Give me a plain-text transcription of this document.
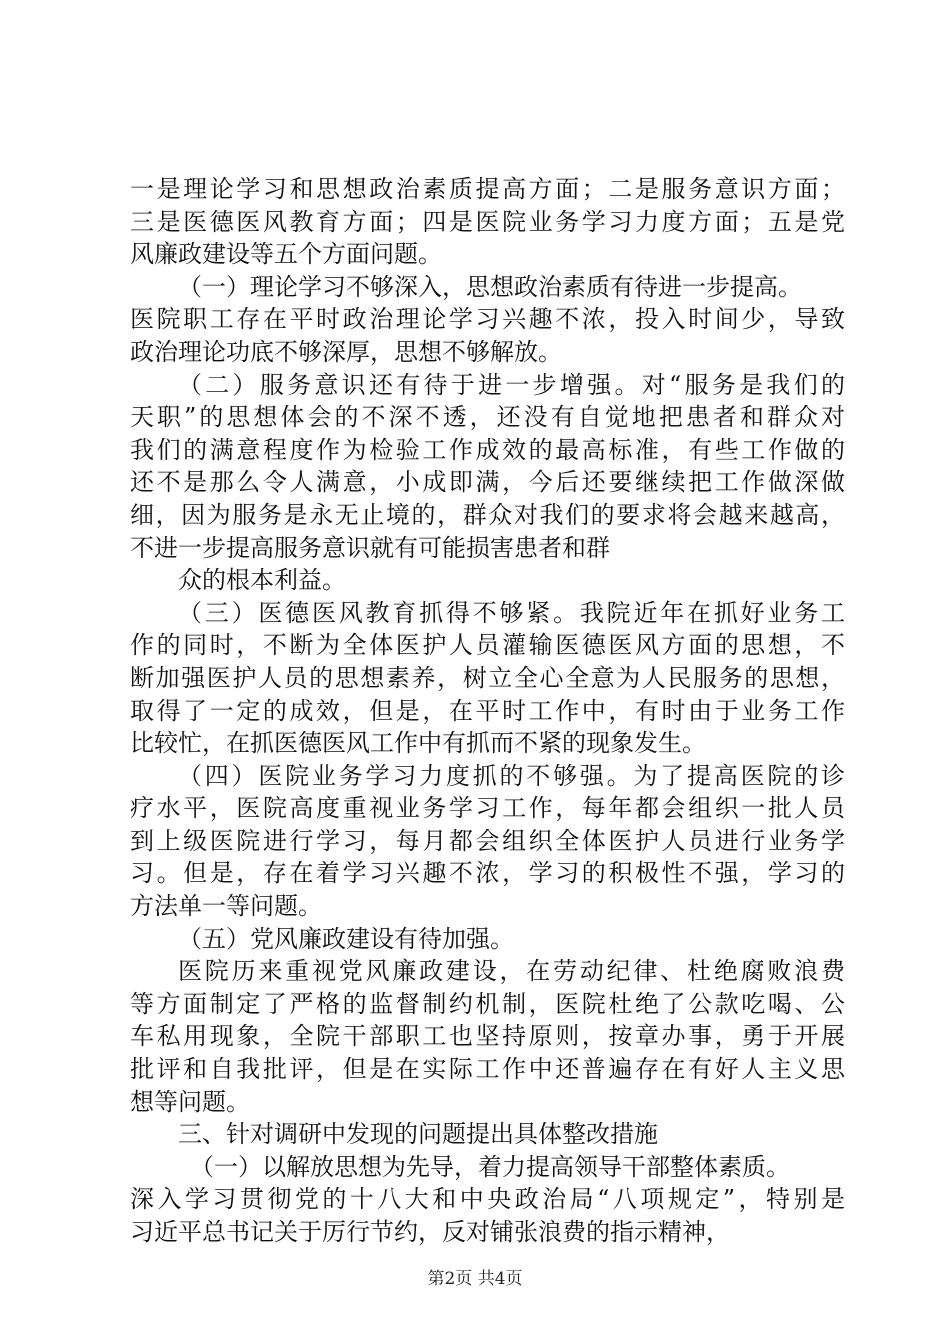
一是理论学习和思想政治素质提高方面；二是服务意识方面；
三是医德医风教育方面；四是医院业务学习力度方面；五是党
风廉政建设等五个方面问题。
（一）理论学习不够深入，思想政治素质有待进一步提高。
医院职工存在平时政治理论学习兴趣不浓，投入时间少，导致
政治理论功底不够深厚，思想不够解放。
（二）服务意识还有待于进一步增强。对“服务是我们的
天职”的思想体会的不深不透，还没有自觉地把患者和群众对
我们的满意程度作为检验工作成效的最高标准，有些工作做的
还不是那么令人满意，小成即满，今后还要继续把工作做深做
细，因为服务是永无止境的，群众对我们的要求将会越来越高，
不进一步提高服务意识就有可能损害患者和群
众的根本利益。
（三）医德医风教育抓得不够紧。我院近年在抓好业务工
作的同时，不断为全体医护人员灌输医德医风方面的思想，不
断加强医护人员的思想素养，树立全心全意为人民服务的思想，
取得了一定的成效，但是，在平时工作中，有时由于业务工作
比较忙，在抓医德医风工作中有抓而不紧的现象发生。
（四）医院业务学习力度抓的不够强。为了提高医院的诊
疗水平，医院高度重视业务学习工作，每年都会组织一批人员
到上级医院进行学习，每月都会组织全体医护人员进行业务学
习。但是，存在着学习兴趣不浓，学习的积极性不强，学习的
方法单一等问题。
（五）党风廉政建设有待加强。
医院历来重视党风廉政建设，在劳动纪律、杜绝腐败浪费
等方面制定了严格的监督制约机制，医院杜绝了公款吃喝、公
车私用现象，全院干部职工也坚持原则，按章办事，勇于开展
批评和自我批评，但是在实际工作中还普遍存在有好人主义思
想等问题。
三、针对调研中发现的问题提出具体整改措施
（一）以解放思想为先导，着力提高领导干部整体素质。
深入学习贯彻党的十八大和中央政治局“八项规定”，特别是
习近平总书记关于厉行节约，反对铺张浪费的指示精神，
第2页 共4页
